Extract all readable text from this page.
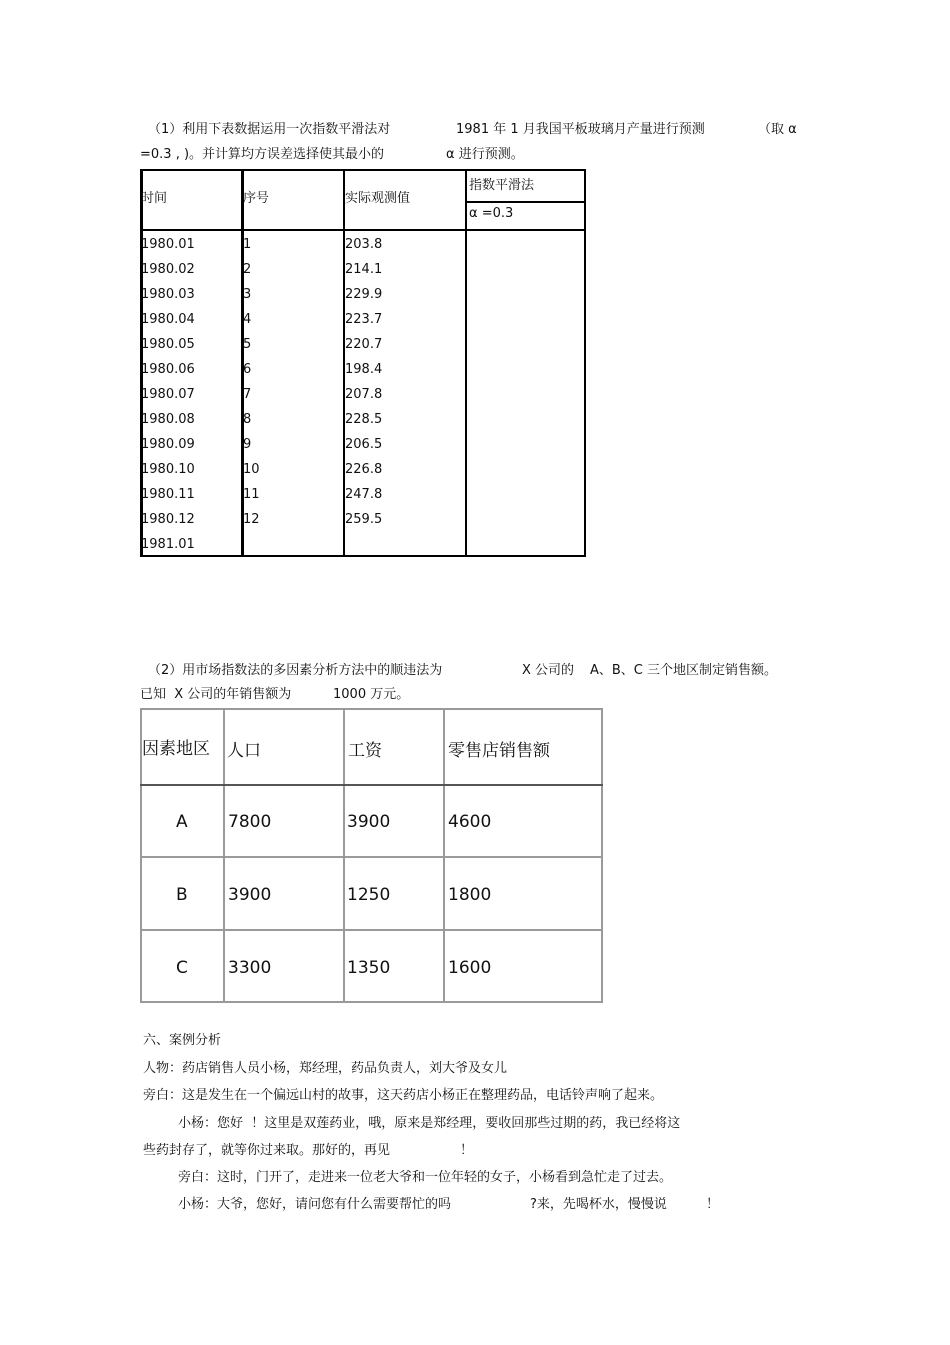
（1）利用下表数据运用一次指数平滑法对	1981 年 1 月我国平板玻璃月产量进行预测	（取 α
=0.3 , )。并计算均方误差选择使其最小的	α 进行预测。
时间	序号	实际观测值
指数平滑法
α =0.3
1980.01	1	203.8
1980.02	2	214.1
1980.03	3	229.9
1980.04	4	223.7
1980.05	5	220.7
1980.06	6	198.4
1980.07	7	207.8
1980.08	8	228.5
1980.09	9	206.5
1980.10	10	226.8
1980.11	11	247.8
1980.12	12	259.5
1981.01
（2）用市场指数法的多因素分析方法中的顺违法为	X 公司的 A、B、C 三个地区制定销售额。
已知  X 公司的年销售额为	1000 万元。
因素地区 人口	工资	零售店销售额
A 7800	3900	4600
B 3900	1250	1800
C 3300	1350	1600
六、案例分析
人物：药店销售人员小杨，郑经理，药品负责人，刘大爷及女儿
旁白：这是发生在一个偏远山村的故事，这天药店小杨正在整理药品，电话铃声响了起来。
小杨：您好  ！这里是双莲药业，哦，原来是郑经理，要收回那些过期的药，我已经将这
些药封存了，就等你过来取。那好的，再见	！
旁白：这时，门开了，走进来一位老大爷和一位年轻的女子，小杨看到急忙走了过去。
小杨：大爷，您好，请问您有什么需要帮忙的吗	?来，先喝杯水，慢慢说	！
